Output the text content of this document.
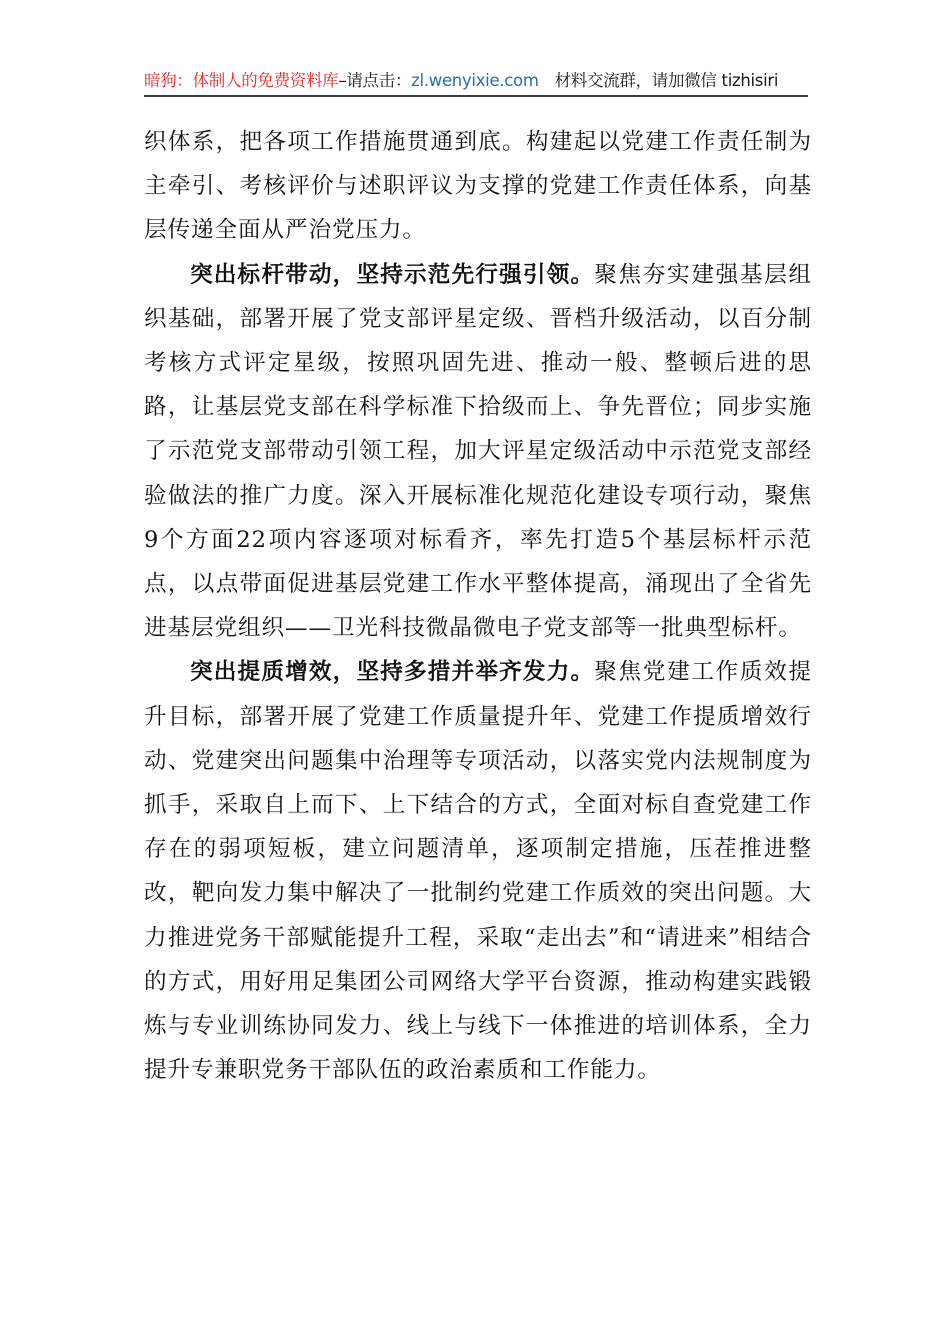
暗狗：体制人的免费资料库–请点击：zl.wenyixie.com 材料交流群，请加微信 tizhisiri

织体系，把各项工作措施贯通到底。构建起以党建工作责任制为主牵引、考核评价与述职评议为支撑的党建工作责任体系，向基层传递全面从严治党压力。

突出标杆带动，坚持示范先行强引领。聚焦夯实建强基层组织基础，部署开展了党支部评星定级、晋档升级活动，以百分制考核方式评定星级，按照巩固先进、推动一般、整顿后进的思路，让基层党支部在科学标准下拾级而上、争先晋位；同步实施了示范党支部带动引领工程，加大评星定级活动中示范党支部经验做法的推广力度。深入开展标准化规范化建设专项行动，聚焦9个方面22项内容逐项对标看齐，率先打造5个基层标杆示范点，以点带面促进基层党建工作水平整体提高，涌现出了全省先进基层党组织——卫光科技微晶微电子党支部等一批典型标杆。

突出提质增效，坚持多措并举齐发力。聚焦党建工作质效提升目标，部署开展了党建工作质量提升年、党建工作提质增效行动、党建突出问题集中治理等专项活动，以落实党内法规制度为抓手，采取自上而下、上下结合的方式，全面对标自查党建工作存在的弱项短板，建立问题清单，逐项制定措施，压茬推进整改，靶向发力集中解决了一批制约党建工作质效的突出问题。大力推进党务干部赋能提升工程，采取“走出去”和“请进来”相结合的方式，用好用足集团公司网络大学平台资源，推动构建实践锻炼与专业训练协同发力、线上与线下一体推进的培训体系，全力提升专兼职党务干部队伍的政治素质和工作能力。
